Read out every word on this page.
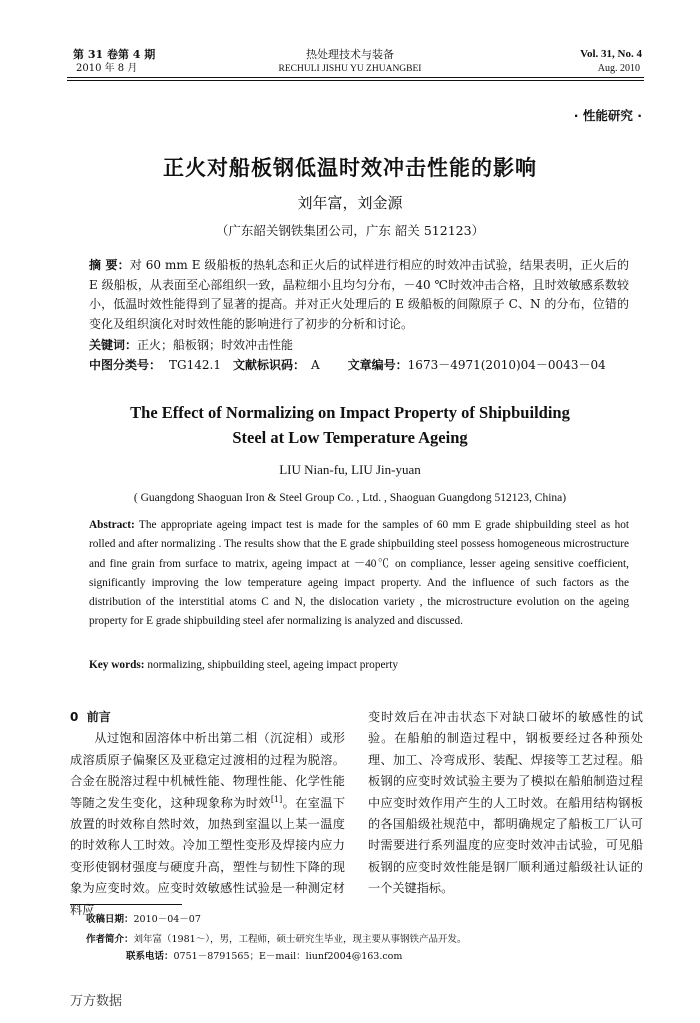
第 31 卷第 4 期
2010 年 8 月
热处理技术与装备
RECHULI JISHU YU ZHUANGBEI
Vol. 31, No. 4
Aug. 2010
· 性能研究 ·
正火对船板钢低温时效冲击性能的影响
刘年富，刘金源
（广东韶关钢铁集团公司，广东 韶关 512123）
摘 要：对 60 mm E 级船板的热轧态和正火后的试样进行相应的时效冲击试验，结果表明，正火后的 E 级船板，从表面至心部组织一致，晶粒细小且均匀分布，－40 ℃时效冲击合格，且时效敏感系数较小，低温时效性能得到了显著的提高。并对正火处理后的 E 级船板的间隙原子 C、N 的分布，位错的变化及组织演化对时效性能的影响进行了初步的分析和讨论。
关键词：正火；船板钢；时效冲击性能
中图分类号： TG142.1 文献标识码： A 文章编号：1673－4971(2010)04－0043－04
The Effect of Normalizing on Impact Property of Shipbuilding
Steel at Low Temperature Ageing
LIU Nian-fu, LIU Jin-yuan
( Guangdong Shaoguan Iron & Steel Group Co. , Ltd. , Shaoguan Guangdong 512123, China)
Abstract: The appropriate ageing impact test is made for the samples of 60 mm E grade shipbuilding steel as hot rolled and after normalizing . The results show that the E grade shipbuilding steel possess homogeneous microstructure and fine grain from surface to matrix, ageing impact at －40℃ on compliance, lesser ageing sensitive coefficient, significantly improving the low temperature ageing impact property. And the influence of such factors as the distribution of the interstitial atoms C and N, the dislocation variety , the microstructure evolution on the ageing property for E grade shipbuilding steel afer normalizing is analyzed and discussed.
Key words: normalizing, shipbuilding steel, ageing impact property
0 前言

从过饱和固溶体中析出第二相（沉淀相）或形成溶质原子偏聚区及亚稳定过渡相的过程为脱溶。合金在脱溶过程中机械性能、物理性能、化学性能等随之发生变化，这种现象称为时效[1]。在室温下放置的时效称自然时效，加热到室温以上某一温度的时效称人工时效。冷加工塑性变形及焊接内应力变形使钢材强度与硬度升高，塑性与韧性下降的现象为应变时效。应变时效敏感性试验是一种测定材料应

变时效后在冲击状态下对缺口破坏的敏感性的试验。在船舶的制造过程中，钢板要经过各种预处理、加工、冷弯成形、装配、焊接等工艺过程。船板钢的应变时效试验主要为了模拟在船舶制造过程中应变时效作用产生的人工时效。在船用结构钢板的各国船级社规范中，都明确规定了船板工厂认可时需要进行系列温度的应变时效冲击试验，可见船板钢的应变时效性能是钢厂顺利通过船级社认证的一个关键指标。

收稿日期：2010－04－07
作者简介：刘年富（1981～），男，工程师，硕士研究生毕业，现主要从事钢铁产品开发。
联系电话：0751－8791565；E－mail：liunf2004@163.com
万方数据
